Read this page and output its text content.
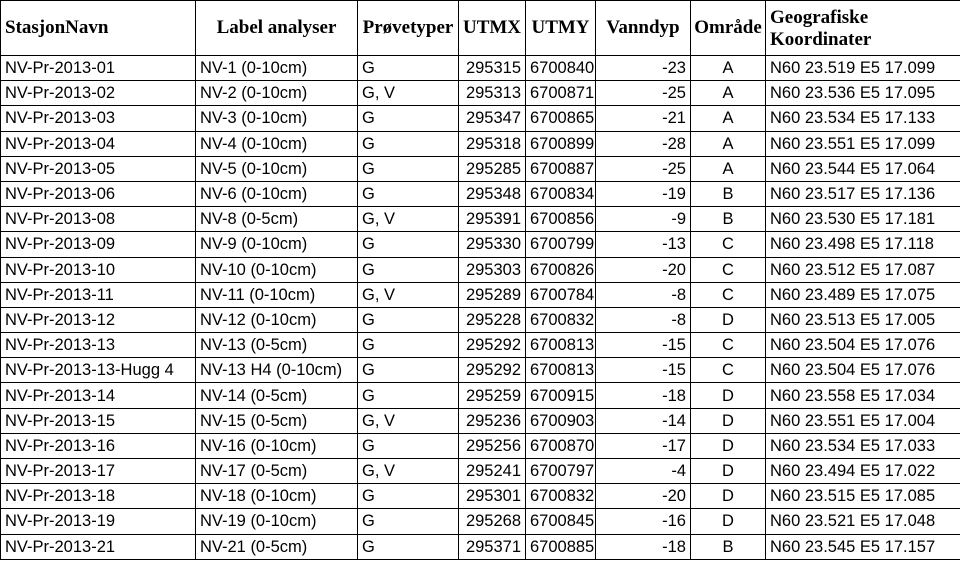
StasjonNavn	Label analyser	Prøvetyper	UTMX	UTMY	Vanndyp	Område	Geografiske
Koordinater

NV-Pr-2013-01	NV-1 (0-10cm)	G	295315	6700840	-23	A	N60 23.519 E5 17.099
NV-Pr-2013-02	NV-2 (0-10cm)	G, V	295313	6700871	-25	A	N60 23.536 E5 17.095
NV-Pr-2013-03	NV-3 (0-10cm)	G	295347	6700865	-21	A	N60 23.534 E5 17.133
NV-Pr-2013-04	NV-4 (0-10cm)	G	295318	6700899	-28	A	N60 23.551 E5 17.099
NV-Pr-2013-05	NV-5 (0-10cm)	G	295285	6700887	-25	A	N60 23.544 E5 17.064
NV-Pr-2013-06	NV-6 (0-10cm)	G	295348	6700834	-19	B	N60 23.517 E5 17.136
NV-Pr-2013-08	NV-8 (0-5cm)	G, V	295391	6700856	-9	B	N60 23.530 E5 17.181
NV-Pr-2013-09	NV-9 (0-10cm)	G	295330	6700799	-13	C	N60 23.498 E5 17.118
NV-Pr-2013-10	NV-10 (0-10cm)	G	295303	6700826	-20	C	N60 23.512 E5 17.087
NV-Pr-2013-11	NV-11 (0-10cm)	G, V	295289	6700784	-8	C	N60 23.489 E5 17.075
NV-Pr-2013-12	NV-12 (0-10cm)	G	295228	6700832	-8	D	N60 23.513 E5 17.005
NV-Pr-2013-13	NV-13 (0-5cm)	G	295292	6700813	-15	C	N60 23.504 E5 17.076
NV-Pr-2013-13-Hugg 4	NV-13 H4 (0-10cm)	G	295292	6700813	-15	C	N60 23.504 E5 17.076
NV-Pr-2013-14	NV-14 (0-5cm)	G	295259	6700915	-18	D	N60 23.558 E5 17.034
NV-Pr-2013-15	NV-15 (0-5cm)	G, V	295236	6700903	-14	D	N60 23.551 E5 17.004
NV-Pr-2013-16	NV-16 (0-10cm)	G	295256	6700870	-17	D	N60 23.534 E5 17.033
NV-Pr-2013-17	NV-17 (0-5cm)	G, V	295241	6700797	-4	D	N60 23.494 E5 17.022
NV-Pr-2013-18	NV-18 (0-10cm)	G	295301	6700832	-20	D	N60 23.515 E5 17.085
NV-Pr-2013-19	NV-19 (0-10cm)	G	295268	6700845	-16	D	N60 23.521 E5 17.048
NV-Pr-2013-21	NV-21 (0-5cm)	G	295371	6700885	-18	B	N60 23.545 E5 17.157
